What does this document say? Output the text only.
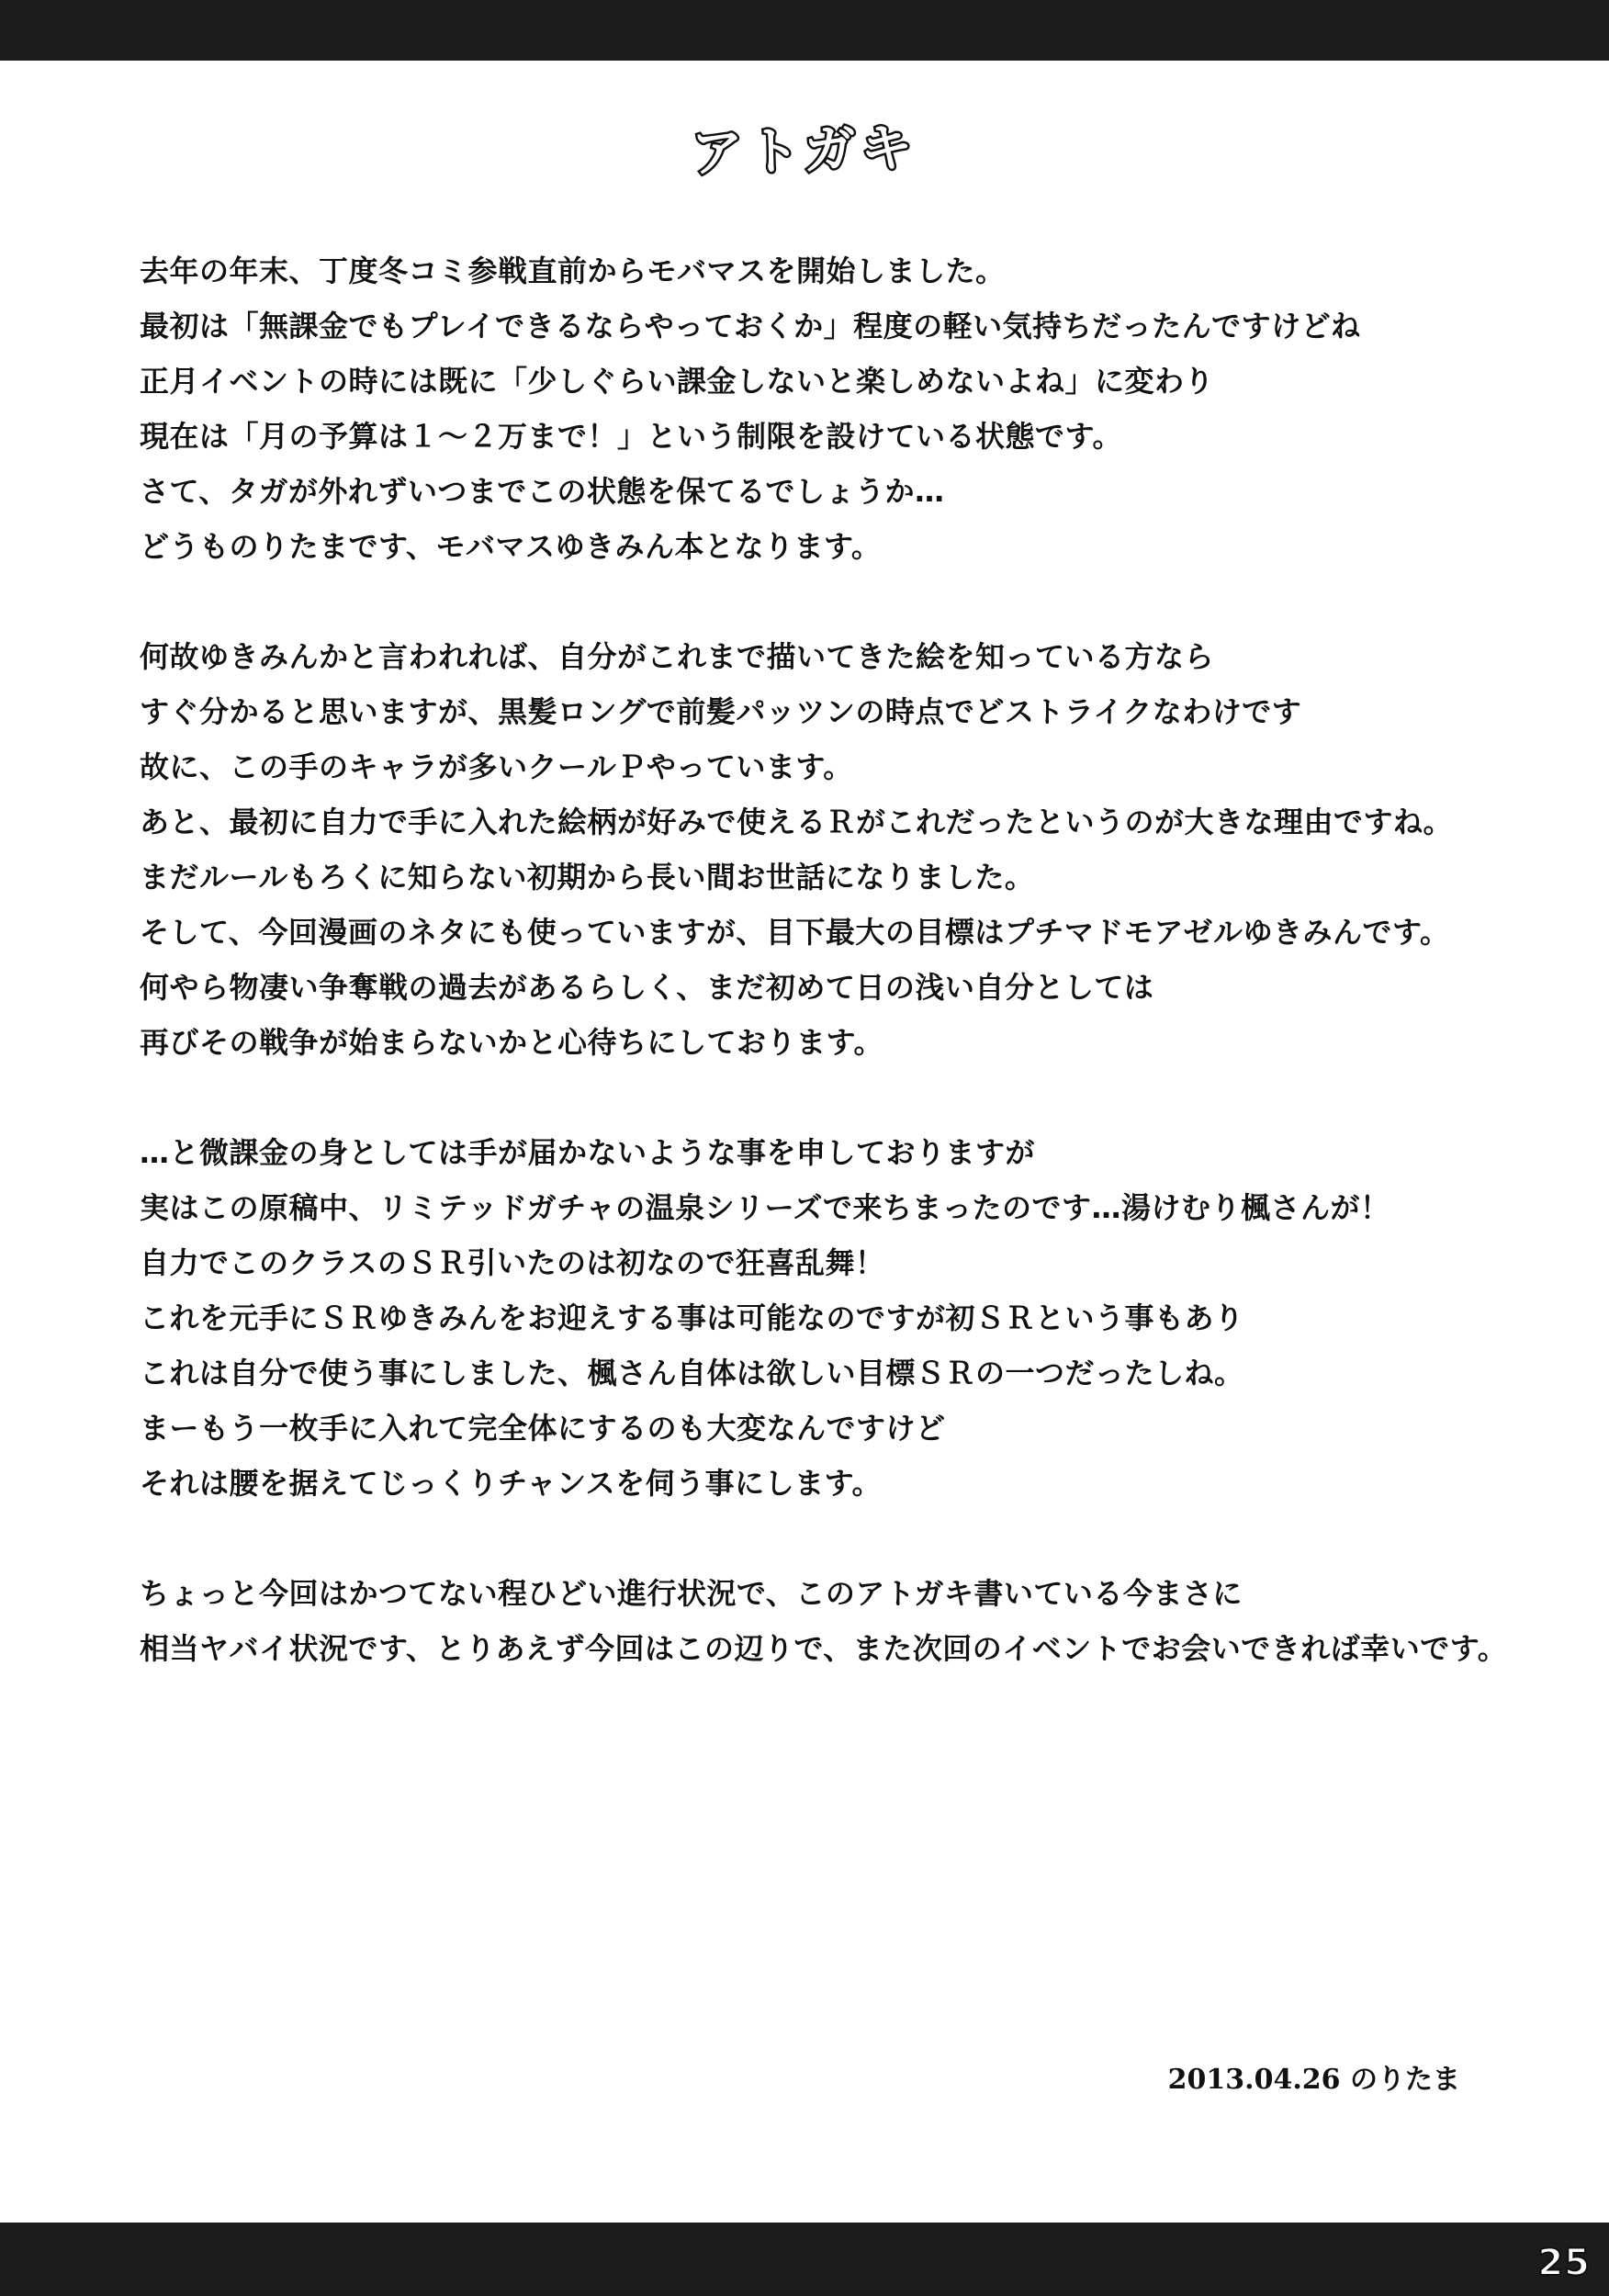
アトガキ
去年の年末、丁度冬コミ参戦直前からモバマスを開始しました。
最初は「無課金でもプレイできるならやっておくか」程度の軽い気持ちだったんですけどね
正月イベントの時には既に「少しぐらい課金しないと楽しめないよね」に変わり
現在は「月の予算は１～２万まで！」という制限を設けている状態です。
さて、タガが外れずいつまでこの状態を保てるでしょうか…
どうものりたまです、モバマスゆきみん本となります。
何故ゆきみんかと言われれば、自分がこれまで描いてきた絵を知っている方なら
すぐ分かると思いますが、黒髪ロングで前髪パッツンの時点でどストライクなわけです
故に、この手のキャラが多いクールＰやっています。
あと、最初に自力で手に入れた絵柄が好みで使えるＲがこれだったというのが大きな理由ですね。
まだルールもろくに知らない初期から長い間お世話になりました。
そして、今回漫画のネタにも使っていますが、目下最大の目標はプチマドモアゼルゆきみんです。
何やら物凄い争奪戦の過去があるらしく、まだ初めて日の浅い自分としては
再びその戦争が始まらないかと心待ちにしております。
…と微課金の身としては手が届かないような事を申しておりますが
実はこの原稿中、リミテッドガチャの温泉シリーズで来ちまったのです…湯けむり楓さんが！
自力でこのクラスのＳＲ引いたのは初なので狂喜乱舞！
これを元手にＳＲゆきみんをお迎えする事は可能なのですが初ＳＲという事もあり
これは自分で使う事にしました、楓さん自体は欲しい目標ＳＲの一つだったしね。
まーもう一枚手に入れて完全体にするのも大変なんですけど
それは腰を据えてじっくりチャンスを伺う事にします。
ちょっと今回はかつてない程ひどい進行状況で、このアトガキ書いている今まさに
相当ヤバイ状況です、とりあえず今回はこの辺りで、また次回のイベントでお会いできれば幸いです。
2013.04.26 のりたま
25
